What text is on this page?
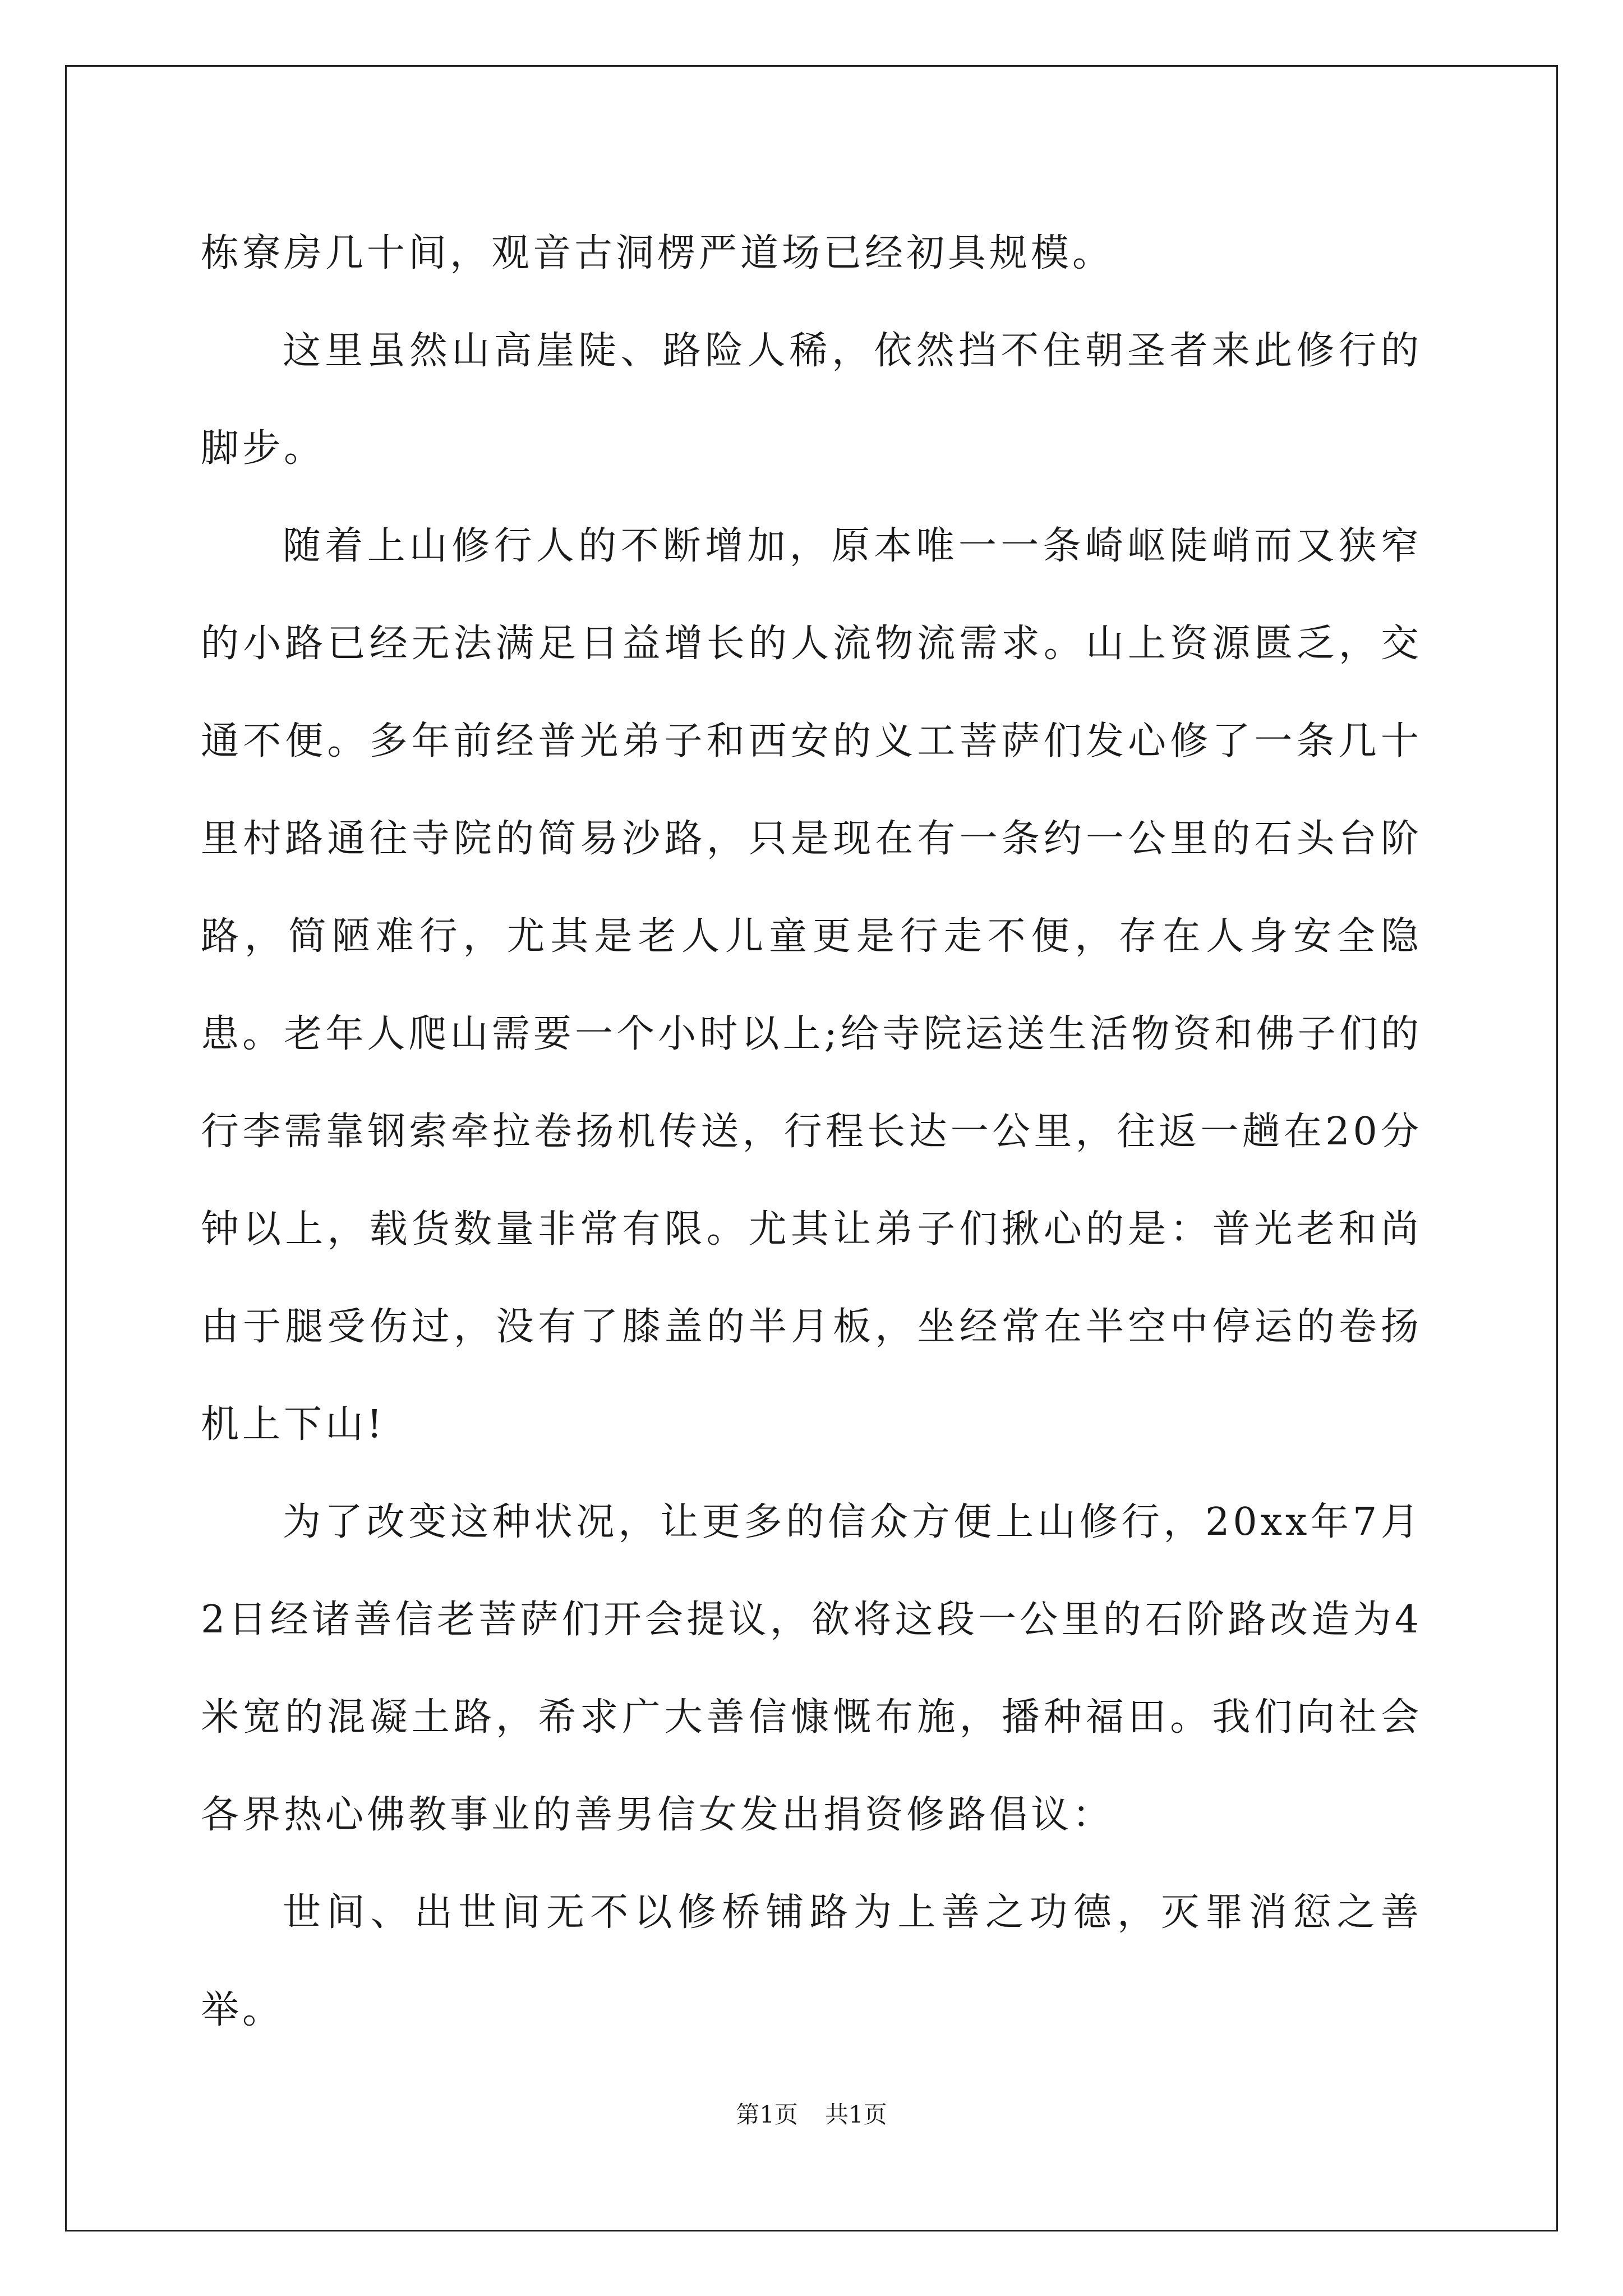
栋寮房几十间，观音古洞楞严道场已经初具规模。

这里虽然山高崖陡、路险人稀，依然挡不住朝圣者来此修行的脚步。

随着上山修行人的不断增加，原本唯一一条崎岖陡峭而又狭窄的小路已经无法满足日益增长的人流物流需求。山上资源匮乏，交通不便。多年前经普光弟子和西安的义工菩萨们发心修了一条几十里村路通往寺院的简易沙路，只是现在有一条约一公里的石头台阶路，简陋难行，尤其是老人儿童更是行走不便，存在人身安全隐患。老年人爬山需要一个小时以上;给寺院运送生活物资和佛子们的行李需靠钢索牵拉卷扬机传送，行程长达一公里，往返一趟在20分钟以上，载货数量非常有限。尤其让弟子们揪心的是：普光老和尚由于腿受伤过，没有了膝盖的半月板，坐经常在半空中停运的卷扬机上下山!

为了改变这种状况，让更多的信众方便上山修行，20xx年7月2日经诸善信老菩萨们开会提议，欲将这段一公里的石阶路改造为4米宽的混凝土路，希求广大善信慷慨布施，播种福田。我们向社会各界热心佛教事业的善男信女发出捐资修路倡议：

世间、出世间无不以修桥铺路为上善之功德，灭罪消愆之善举。

第1页 共1页
